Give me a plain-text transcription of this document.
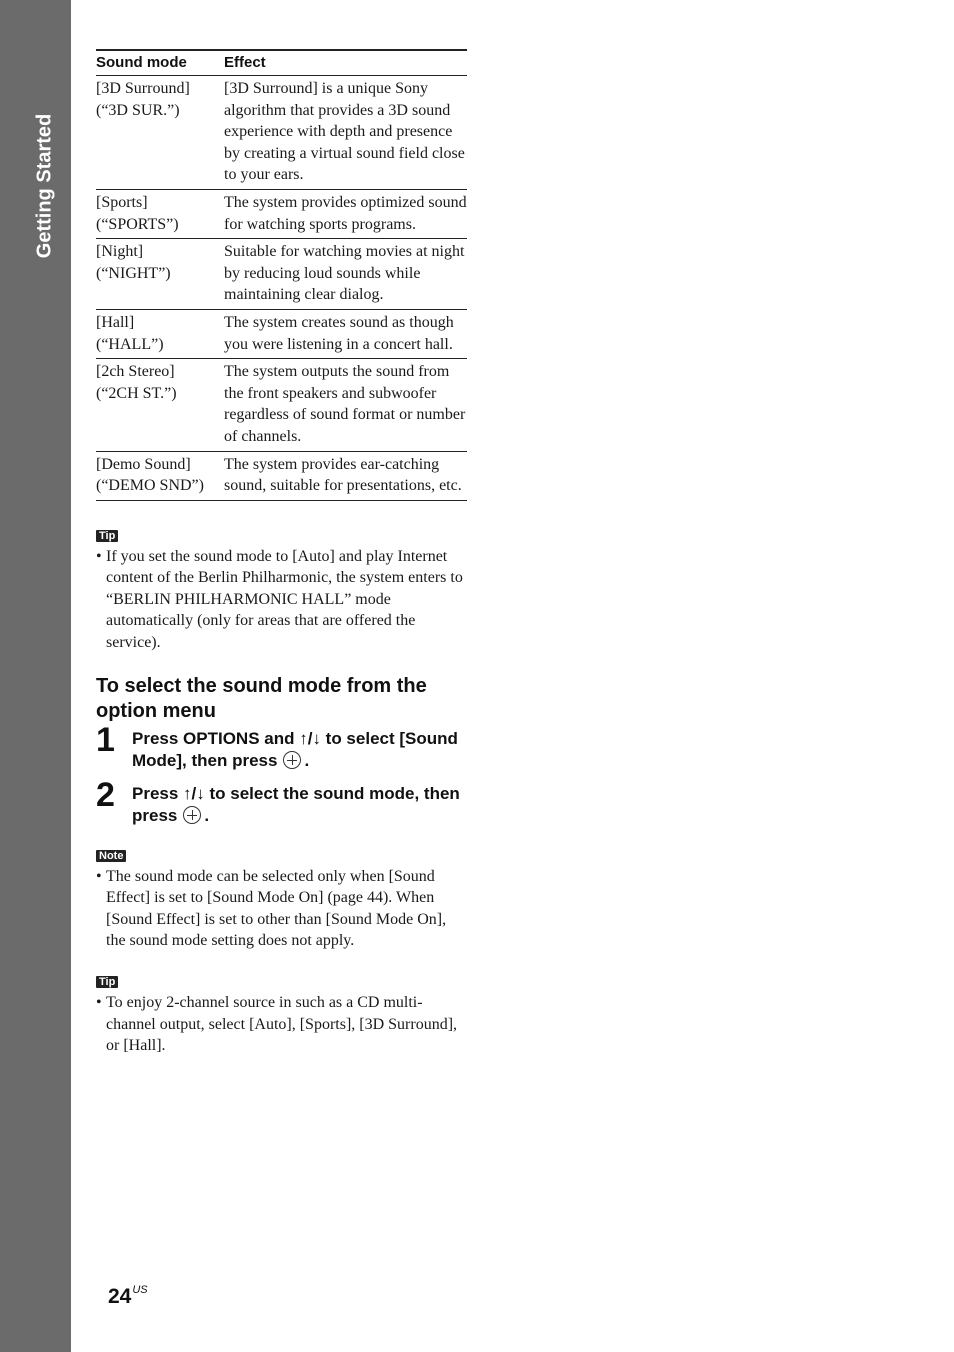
Getting Started
Sound mode	Effect

[3D Surround]
(“3D SUR.”)	[3D Surround] is a unique Sony algorithm that provides a 3D sound experience with depth and presence by creating a virtual sound field close to your ears.

[Sports]
(“SPORTS”)	The system provides optimized sound for watching sports programs.

[Night]
(“NIGHT”)	Suitable for watching movies at night by reducing loud sounds while maintaining clear dialog.

[Hall]
(“HALL”)	The system creates sound as though you were listening in a concert hall.

[2ch Stereo]
(“2CH ST.”)	The system outputs the sound from the front speakers and subwoofer regardless of sound format or number of channels.

[Demo Sound]
(“DEMO SND”)	The system provides ear-catching sound, suitable for presentations, etc.
Tip
• If you set the sound mode to [Auto] and play Internet content of the Berlin Philharmonic, the system enters to “BERLIN PHILHARMONIC HALL” mode automatically (only for areas that are offered the service).
To select the sound mode from the option menu
1 Press OPTIONS and ↑/↓ to select [Sound Mode], then press .
2 Press ↑/↓ to select the sound mode, then press .
Note
• The sound mode can be selected only when [Sound Effect] is set to [Sound Mode On] (page 44). When [Sound Effect] is set to other than [Sound Mode On], the sound mode setting does not apply.
Tip
• To enjoy 2-channel source in such as a CD multi-channel output, select [Auto], [Sports], [3D Surround], or [Hall].
$24^{US}$
